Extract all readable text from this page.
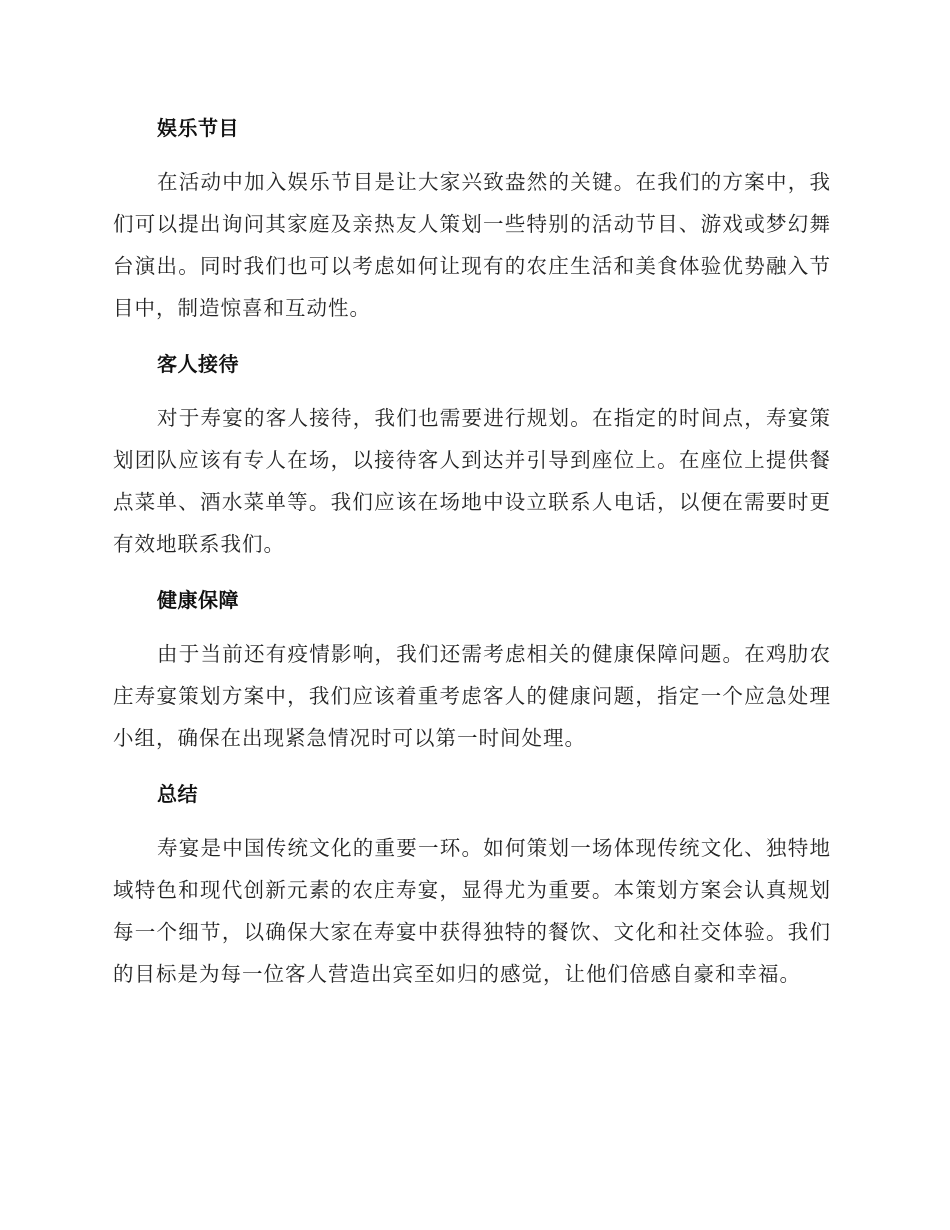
娱乐节目

在活动中加入娱乐节目是让大家兴致盎然的关键。在我们的方案中，我们可以提出询问其家庭及亲热友人策划一些特别的活动节目、游戏或梦幻舞台演出。同时我们也可以考虑如何让现有的农庄生活和美食体验优势融入节目中，制造惊喜和互动性。

客人接待

对于寿宴的客人接待，我们也需要进行规划。在指定的时间点，寿宴策划团队应该有专人在场，以接待客人到达并引导到座位上。在座位上提供餐点菜单、酒水菜单等。我们应该在场地中设立联系人电话，以便在需要时更有效地联系我们。

健康保障

由于当前还有疫情影响，我们还需考虑相关的健康保障问题。在鸡肋农庄寿宴策划方案中，我们应该着重考虑客人的健康问题，指定一个应急处理小组，确保在出现紧急情况时可以第一时间处理。

总结

寿宴是中国传统文化的重要一环。如何策划一场体现传统文化、独特地域特色和现代创新元素的农庄寿宴，显得尤为重要。本策划方案会认真规划每一个细节，以确保大家在寿宴中获得独特的餐饮、文化和社交体验。我们的目标是为每一位客人营造出宾至如归的感觉，让他们倍感自豪和幸福。
